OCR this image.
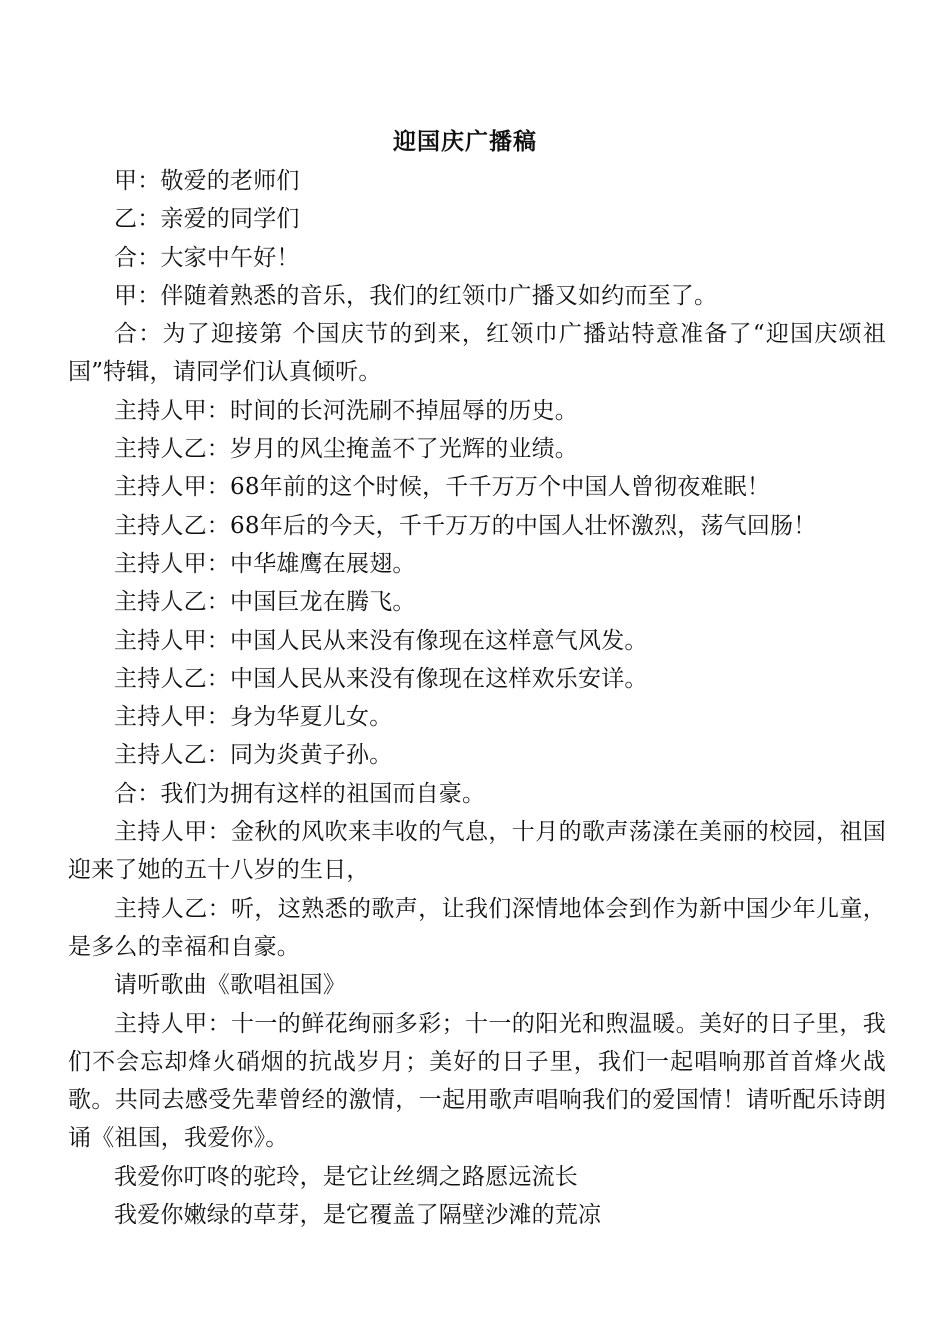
迎国庆广播稿

甲：敬爱的老师们

乙：亲爱的同学们

合：大家中午好！

甲：伴随着熟悉的音乐，我们的红领巾广播又如约而至了。

合：为了迎接第 个国庆节的到来，红领巾广播站特意准备了“迎国庆颂祖国”特辑，请同学们认真倾听。

主持人甲：时间的长河洗刷不掉屈辱的历史。

主持人乙：岁月的风尘掩盖不了光辉的业绩。

主持人甲：68年前的这个时候，千千万万个中国人曾彻夜难眠！

主持人乙：68年后的今天，千千万万的中国人壮怀激烈，荡气回肠！

主持人甲：中华雄鹰在展翅。

主持人乙：中国巨龙在腾飞。

主持人甲：中国人民从来没有像现在这样意气风发。

主持人乙：中国人民从来没有像现在这样欢乐安详。

主持人甲：身为华夏儿女。

主持人乙：同为炎黄子孙。

合：我们为拥有这样的祖国而自豪。

主持人甲：金秋的风吹来丰收的气息，十月的歌声荡漾在美丽的校园，祖国迎来了她的五十八岁的生日，

主持人乙：听，这熟悉的歌声，让我们深情地体会到作为新中国少年儿童，是多么的幸福和自豪。

请听歌曲《歌唱祖国》

主持人甲：十一的鲜花绚丽多彩；十一的阳光和煦温暖。美好的日子里，我们不会忘却烽火硝烟的抗战岁月；美好的日子里，我们一起唱响那首首烽火战歌。共同去感受先辈曾经的激情，一起用歌声唱响我们的爱国情！请听配乐诗朗诵《祖国，我爱你》。

我爱你叮咚的驼玲，是它让丝绸之路愿远流长

我爱你嫩绿的草芽，是它覆盖了隔壁沙滩的荒凉
